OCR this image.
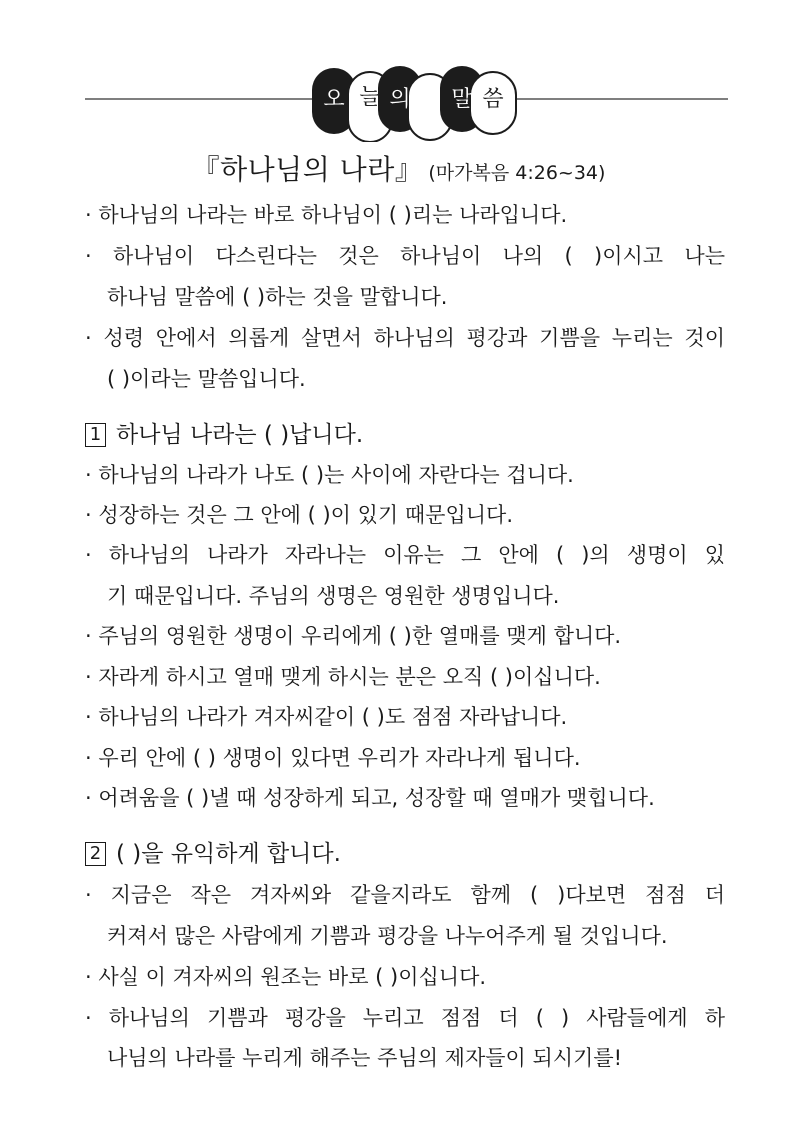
오 늘 의	말 씀
『하나님의 나라』 (마가복음 4:26~34)
· 하나님의 나라는 바로 하나님이 ( )리는 나라입니다.
· 하나님이 다스린다는 것은 하나님이 나의 ( )이시고 나는
하나님 말씀에 ( )하는 것을 말합니다.
· 성령 안에서 의롭게 살면서 하나님의 평강과 기쁨을 누리는 것이
( )이라는 말씀입니다.
1 하나님 나라는 ( )납니다.
· 하나님의 나라가 나도 ( )는 사이에 자란다는 겁니다.
· 성장하는 것은 그 안에 ( )이 있기 때문입니다.
· 하나님의 나라가 자라나는 이유는 그 안에 ( )의 생명이 있
기 때문입니다. 주님의 생명은 영원한 생명입니다.
· 주님의 영원한 생명이 우리에게 ( )한 열매를 맺게 합니다.
· 자라게 하시고 열매 맺게 하시는 분은 오직 ( )이십니다.
· 하나님의 나라가 겨자씨같이 ( )도 점점 자라납니다.
· 우리 안에 ( ) 생명이 있다면 우리가 자라나게 됩니다.
· 어려움을 ( )낼 때 성장하게 되고, 성장할 때 열매가 맺힙니다.
2 ( )을 유익하게 합니다.
· 지금은 작은 겨자씨와 같을지라도 함께 ( )다보면 점점 더
커져서 많은 사람에게 기쁨과 평강을 나누어주게 될 것입니다.
· 사실 이 겨자씨의 원조는 바로 ( )이십니다.
· 하나님의 기쁨과 평강을 누리고 점점 더 ( ) 사람들에게 하
나님의 나라를 누리게 해주는 주님의 제자들이 되시기를!
